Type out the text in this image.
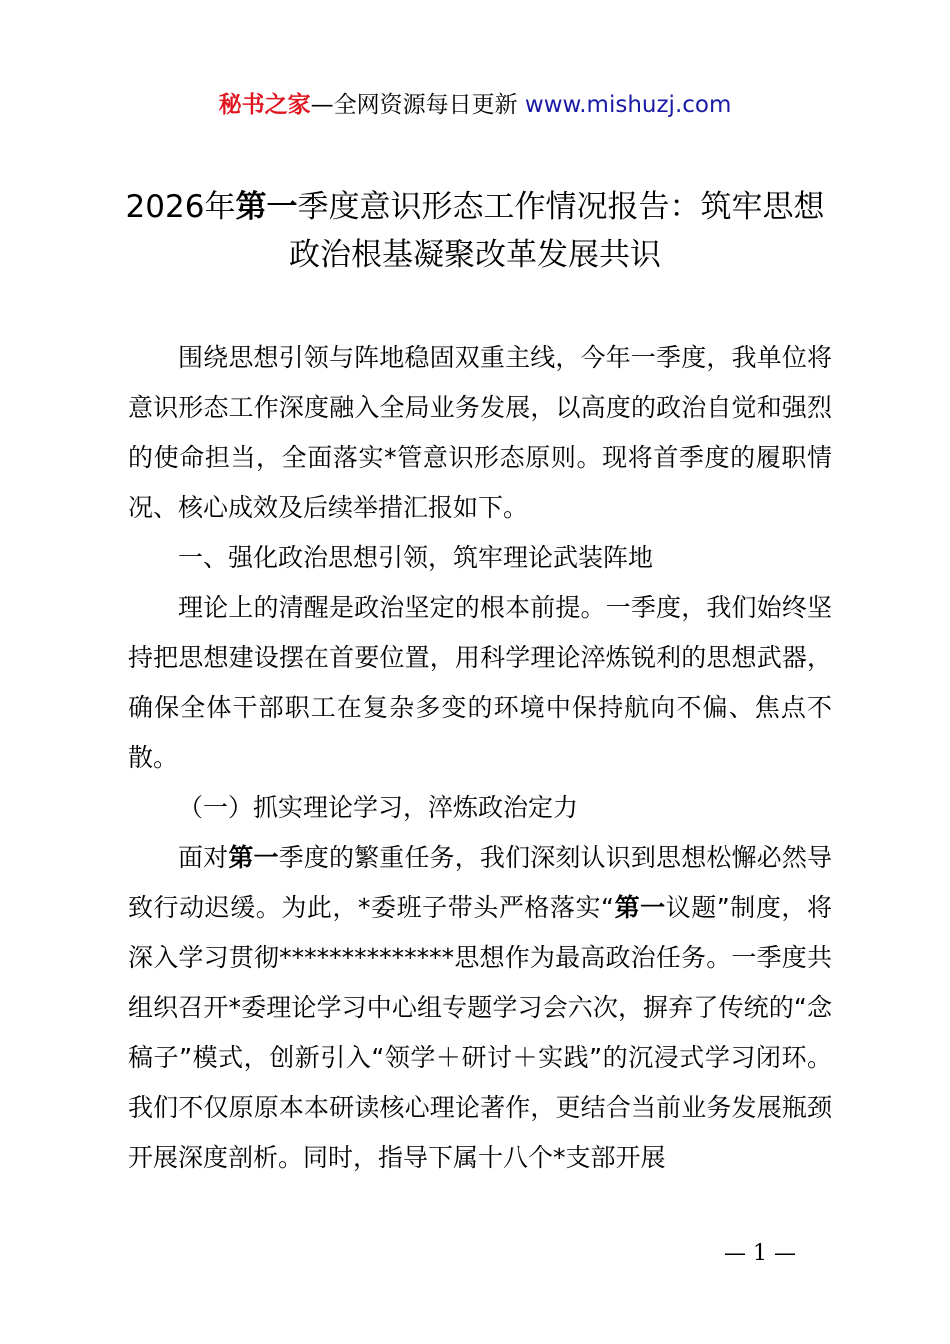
秘书之家—全网资源每日更新 www.mishuzj.com
2026年第一季度意识形态工作情况报告：筑牢思想政治根基凝聚改革发展共识

围绕思想引领与阵地稳固双重主线，今年一季度，我单位将意识形态工作深度融入全局业务发展，以高度的政治自觉和强烈的使命担当，全面落实*管意识形态原则。现将首季度的履职情况、核心成效及后续举措汇报如下。

一、强化政治思想引领，筑牢理论武装阵地

理论上的清醒是政治坚定的根本前提。一季度，我们始终坚持把思想建设摆在首要位置，用科学理论淬炼锐利的思想武器，确保全体干部职工在复杂多变的环境中保持航向不偏、焦点不散。

（一）抓实理论学习，淬炼政治定力

面对第一季度的繁重任务，我们深刻认识到思想松懈必然导致行动迟缓。为此，*委班子带头严格落实“第一议题”制度，将深入学习贯彻**************思想作为最高政治任务。一季度共组织召开*委理论学习中心组专题学习会六次，摒弃了传统的“念稿子”模式，创新引入“领学＋研讨＋实践”的沉浸式学习闭环。我们不仅原原本本研读核心理论著作，更结合当前业务发展瓶颈开展深度剖析。同时，指导下属十八个*支部开展

— 1 —
